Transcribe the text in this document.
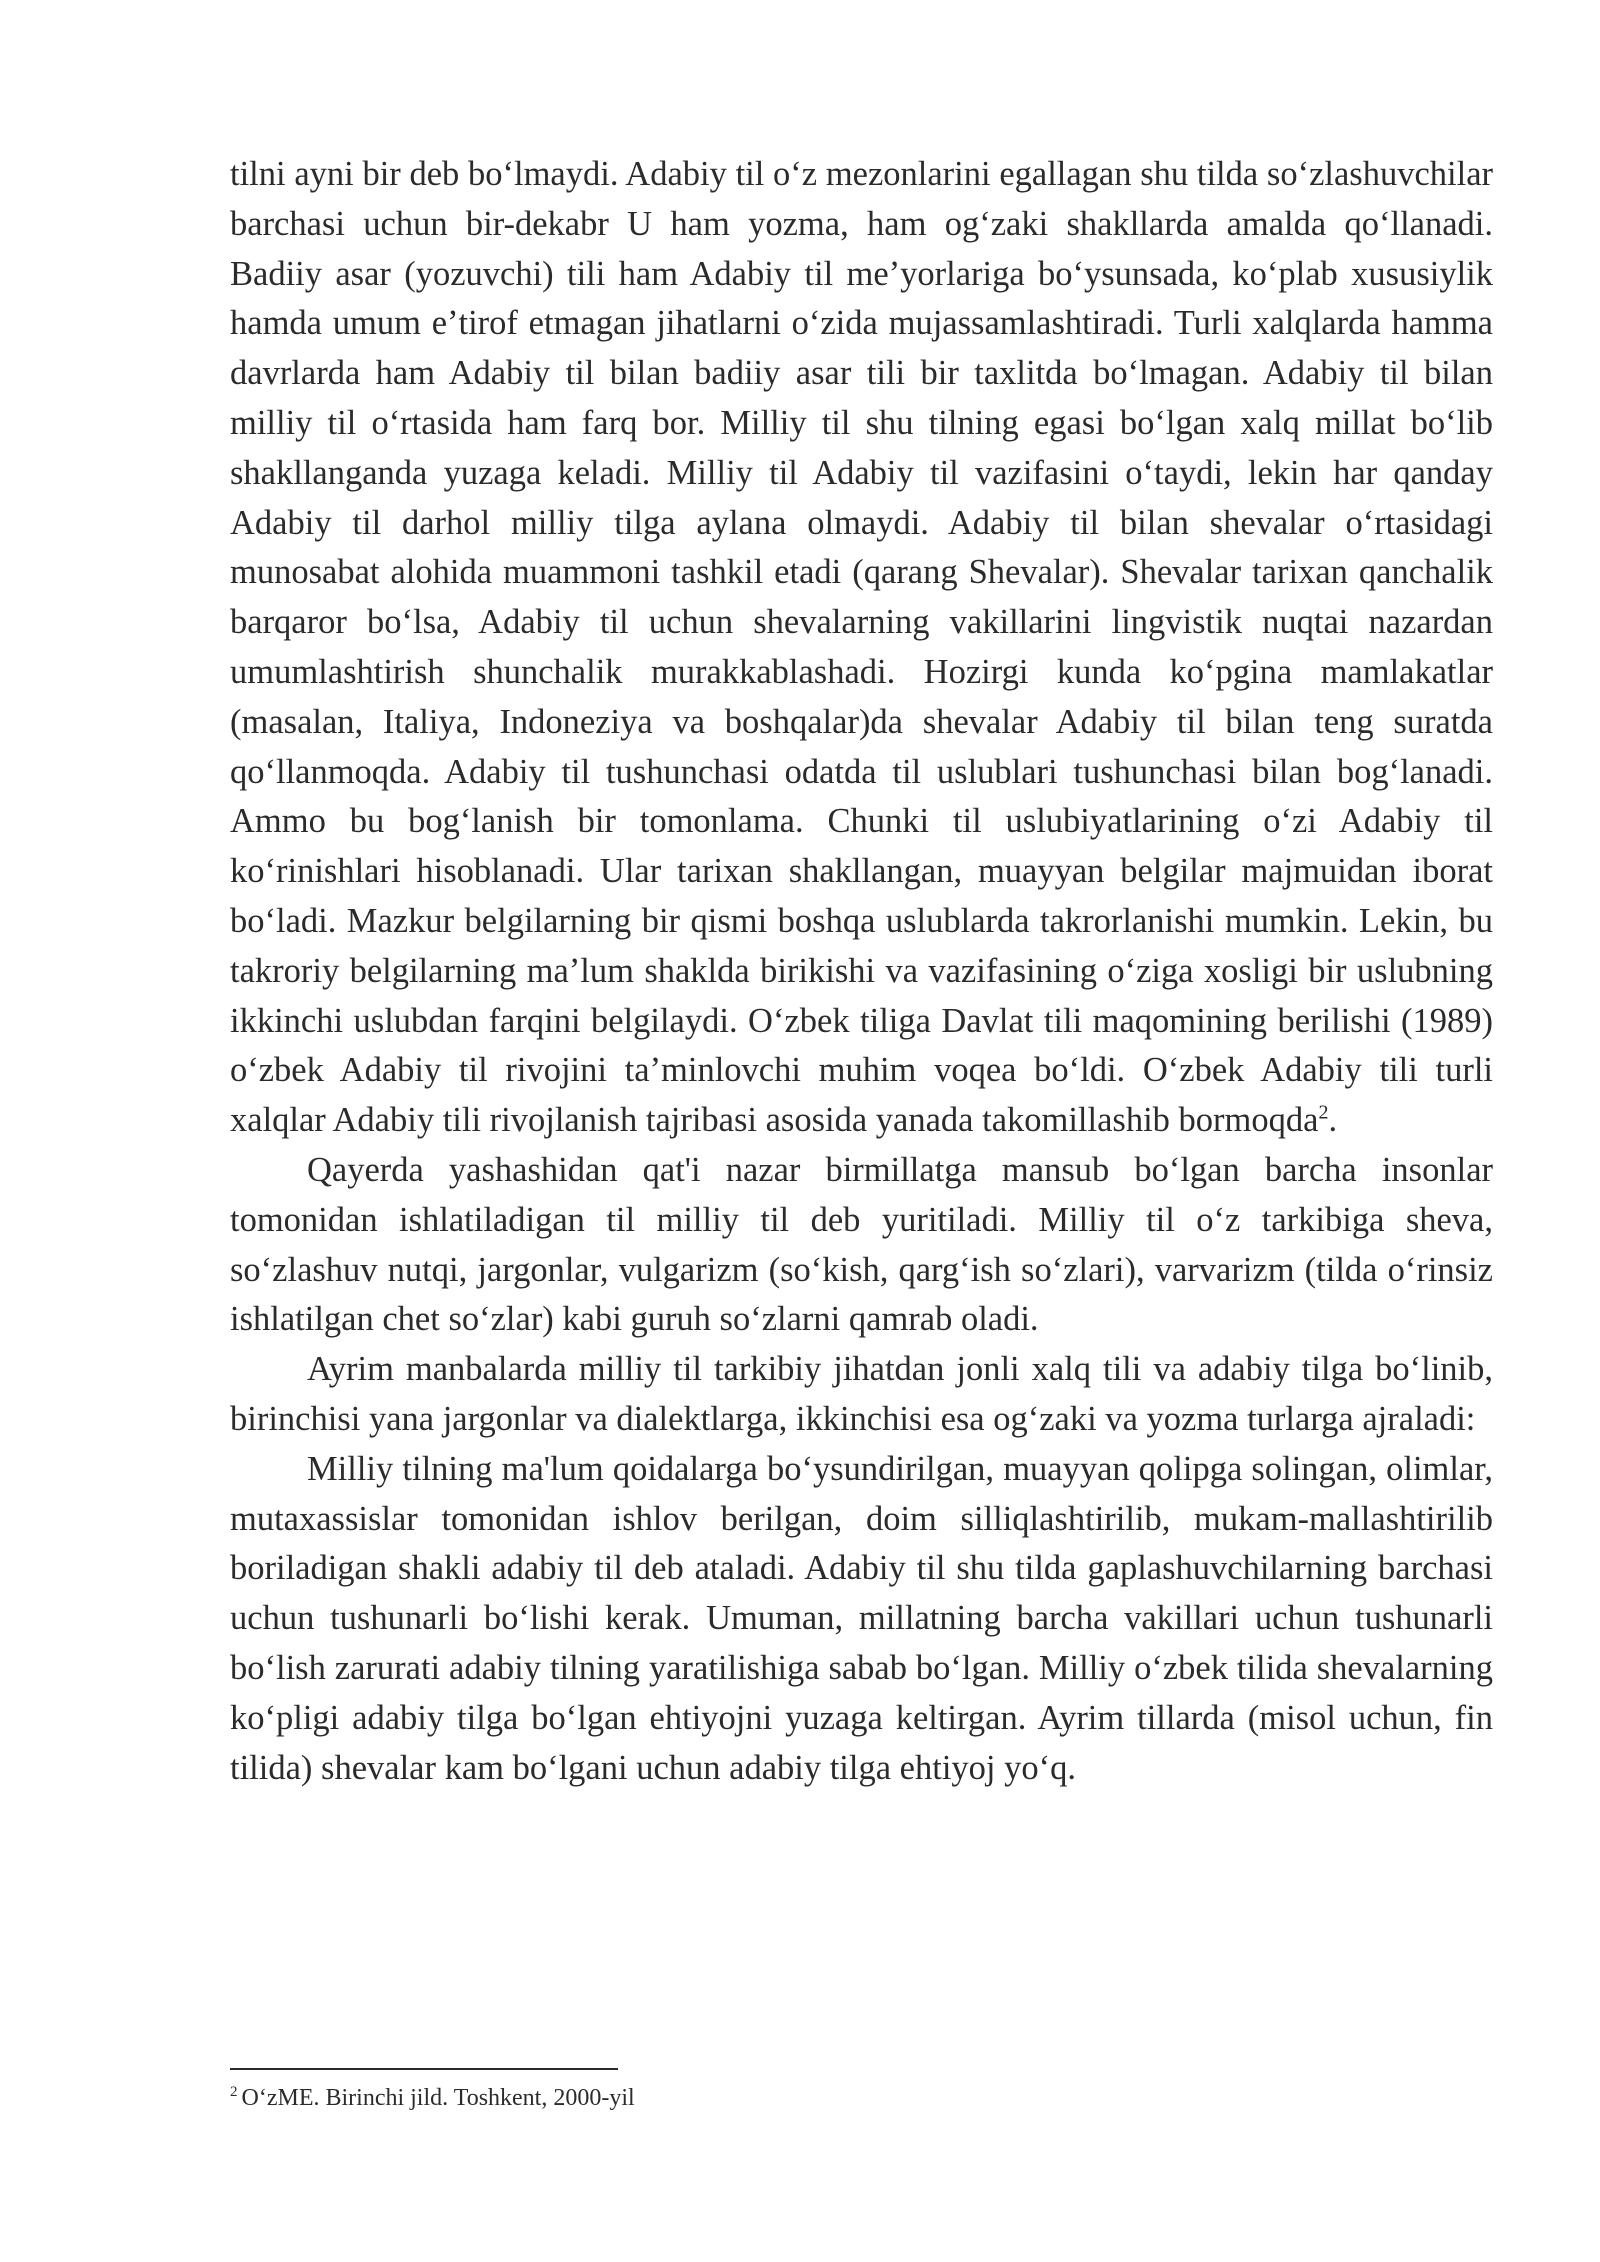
tilni ayni bir deb boʻlmaydi. Adabiy til oʻz mezonlarini egallagan shu tilda soʻzlashuvchilar barchasi uchun bir-dekabr U ham yozma, ham ogʻzaki shakllarda amalda qoʻllanadi. Badiiy asar (yozuvchi) tili ham Adabiy til meʼyorlariga boʻysunsada, koʻplab xususiylik hamda umum eʼtirof etmagan jihatlarni oʻzida mujassamlashtiradi. Turli xalqlarda hamma davrlarda ham Adabiy til bilan badiiy asar tili bir taxlitda boʻlmagan. Adabiy til bilan milliy til oʻrtasida ham farq bor. Milliy til shu tilning egasi boʻlgan xalq millat boʻlib shakllanganda yuzaga keladi. Milliy til Adabiy til vazifasini oʻtaydi, lekin har qanday Adabiy til darhol milliy tilga aylana olmaydi. Adabiy til bilan shevalar oʻrtasidagi munosabat alohida muammoni tashkil etadi (qarang Shevalar). Shevalar tarixan qanchalik barqaror boʻlsa, Adabiy til uchun shevalarning vakillarini lingvistik nuqtai nazardan umumlashtirish shunchalik murakkablashadi. Hozirgi kunda koʻpgina mamlakatlar (masalan, Italiya, Indoneziya va boshqalar)da shevalar Adabiy til bilan teng suratda qoʻllanmoqda. Adabiy til tushunchasi odatda til uslublari tushunchasi bilan bogʻlanadi. Ammo bu bogʻlanish bir tomonlama. Chunki til uslubiyatlarining oʻzi Adabiy til koʻrinishlari hisoblanadi. Ular tarixan shakllangan, muayyan belgilar majmuidan iborat boʻladi. Mazkur belgilarning bir qismi boshqa uslublarda takrorlanishi mumkin. Lekin, bu takroriy belgilarning maʼlum shaklda birikishi va vazifasining oʻziga xosligi bir uslubning ikkinchi uslubdan farqini belgilaydi. Oʻzbek tiliga Davlat tili maqomining berilishi (1989) oʻzbek Adabiy til rivojini taʼminlovchi muhim voqea boʻldi. Oʻzbek Adabiy tili turli xalqlar Adabiy tili rivojlanish tajribasi asosida yanada takomillashib bormoqda$^2$.

Qayerda yashashidan qat'i nazar birmillatga mansub boʻlgan barcha insonlar tomonidan ishlatiladigan til milliy til deb yuritiladi. Milliy til oʻz tarkibiga sheva, soʻzlashuv nutqi, jargonlar, vulgarizm (soʻkish, qargʻish soʻzlari), varvarizm (tilda oʻrinsiz ishlatilgan chet soʻzlar) kabi guruh soʻzlarni qamrab oladi.

Ayrim manbalarda milliy til tarkibiy jihatdan jonli xalq tili va adabiy tilga boʻlinib, birinchisi yana jargonlar va dialektlarga, ikkinchisi esa ogʻzaki va yozma turlarga ajraladi:

Milliy tilning ma'lum qoidalarga boʻysundirilgan, muayyan qolipga solingan, olimlar, mutaxassislar tomonidan ishlov berilgan, doim silliqlashtirilib, mukam-mallashtirilib boriladigan shakli adabiy til deb ataladi. Adabiy til shu tilda gaplashuvchilarning barchasi uchun tushunarli boʻlishi kerak. Umuman, millatning barcha vakillari uchun tushunarli boʻlish zarurati adabiy tilning yaratilishiga sabab boʻlgan. Milliy oʻzbek tilida shevalarning koʻpligi adabiy tilga boʻlgan ehtiyojni yuzaga keltirgan. Ayrim tillarda (misol uchun, fin tilida) shevalar kam boʻlgani uchun adabiy tilga ehtiyoj yoʻq.

$^2$ OʻzME. Birinchi jild. Toshkent, 2000-yil
